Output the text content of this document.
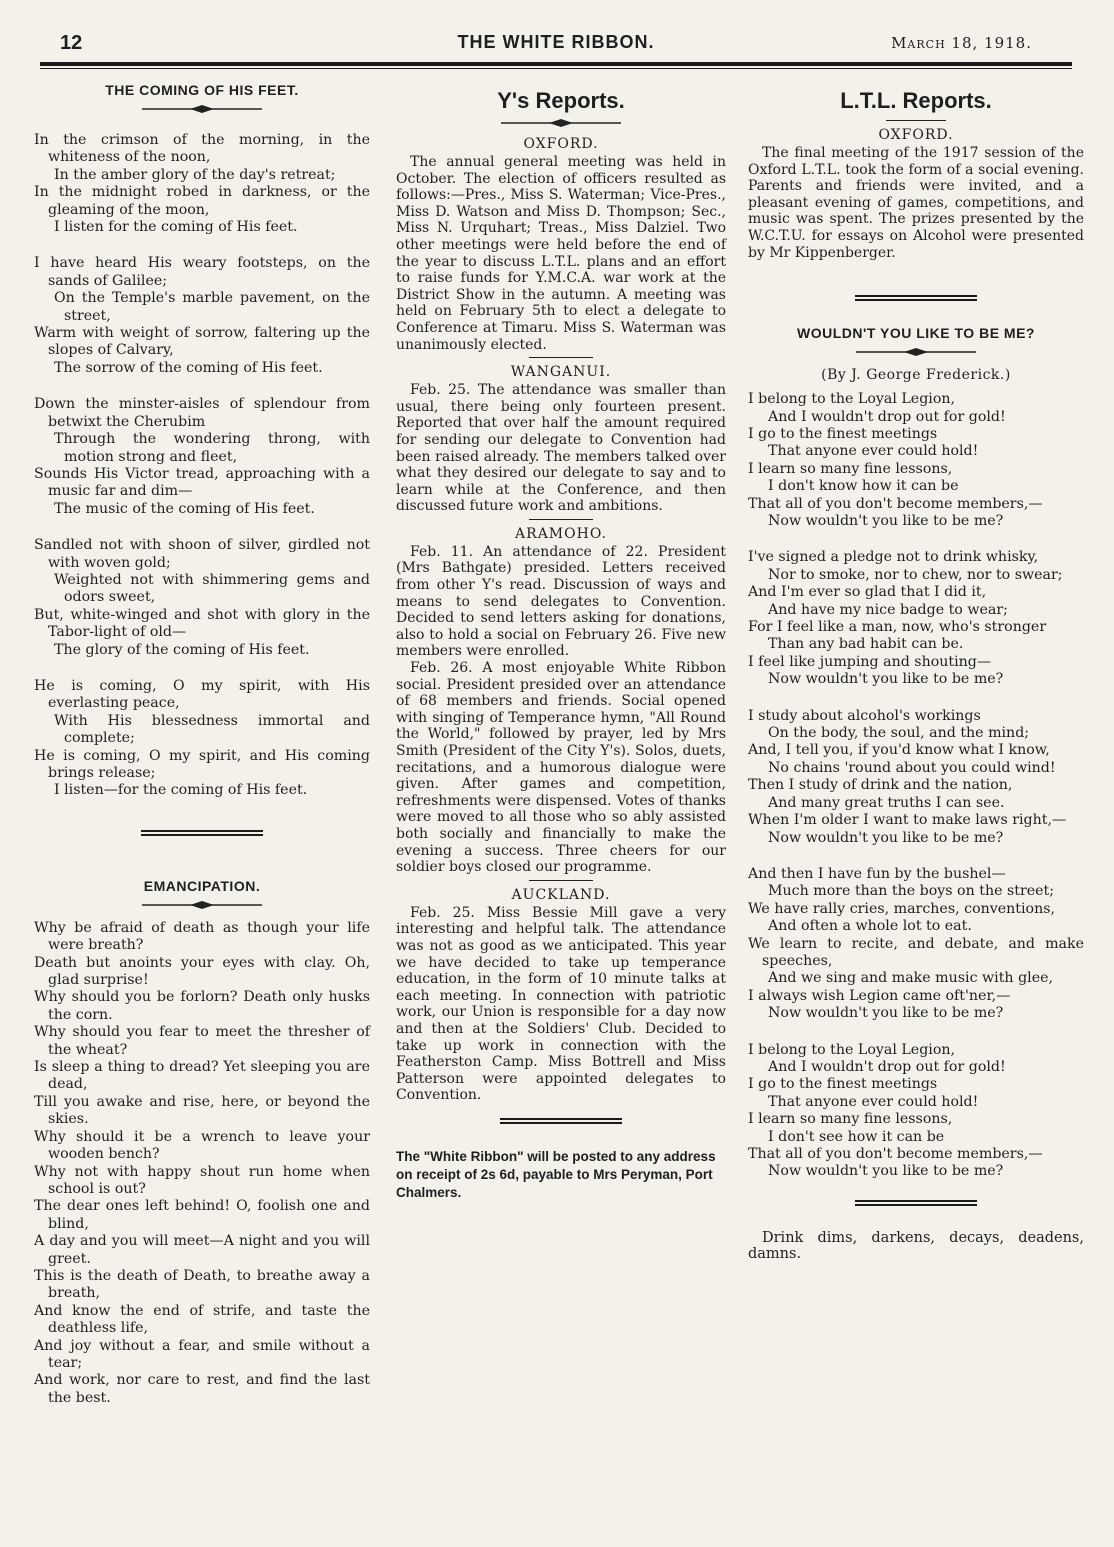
12	THE WHITE RIBBON.	March 18, 1918.
THE COMING OF HIS FEET.
In the crimson of the morning, in the whiteness of the noon,
In the amber glory of the day's retreat;
In the midnight robed in darkness, or the gleaming of the moon,
I listen for the coming of His feet.
I have heard His weary footsteps, on the sands of Galilee;
On the Temple's marble pavement, on the street,
Warm with weight of sorrow, faltering up the slopes of Calvary,
The sorrow of the coming of His feet.
Down the minster-aisles of splendour from betwixt the Cherubim
Through the wondering throng, with motion strong and fleet,
Sounds His Victor tread, approaching with a music far and dim—
The music of the coming of His feet.
Sandled not with shoon of silver, girdled not with woven gold;
Weighted not with shimmering gems and odors sweet,
But, white-winged and shot with glory in the Tabor-light of old—
The glory of the coming of His feet.
He is coming, O my spirit, with His everlasting peace,
With His blessedness immortal and complete;
He is coming, O my spirit, and His coming brings release;
I listen—for the coming of His feet.
EMANCIPATION.
Why be afraid of death as though your life were breath?
Death but anoints your eyes with clay. Oh, glad surprise!
Why should you be forlorn? Death only husks the corn.
Why should you fear to meet the thresher of the wheat?
Is sleep a thing to dread? Yet sleeping you are dead,
Till you awake and rise, here, or beyond the skies.
Why should it be a wrench to leave your wooden bench?
Why not with happy shout run home when school is out?
The dear ones left behind! O, foolish one and blind,
A day and you will meet—A night and you will greet.
This is the death of Death, to breathe away a breath,
And know the end of strife, and taste the deathless life,
And joy without a fear, and smile without a tear;
And work, nor care to rest, and find the last the best.
Y's Reports.
OXFORD.

The annual general meeting was held in October. The election of officers resulted as follows:—Pres., Miss S. Waterman; Vice-Pres., Miss D. Watson and Miss D. Thompson; Sec., Miss N. Urquhart; Treas., Miss Dalziel. Two other meetings were held before the end of the year to discuss L.T.L. plans and an effort to raise funds for Y.M.C.A. war work at the District Show in the autumn. A meeting was held on February 5th to elect a delegate to Conference at Timaru. Miss S. Waterman was unanimously elected.

WANGANUI.

Feb. 25. The attendance was smaller than usual, there being only fourteen present. Reported that over half the amount required for sending our delegate to Convention had been raised already. The members talked over what they desired our delegate to say and to learn while at the Conference, and then discussed future work and ambitions.

ARAMOHO.

Feb. 11. An attendance of 22. President (Mrs Bathgate) presided. Letters received from other Y's read. Discussion of ways and means to send delegates to Convention. Decided to send letters asking for donations, also to hold a social on February 26. Five new members were enrolled.

Feb. 26. A most enjoyable White Ribbon social. President presided over an attendance of 68 members and friends. Social opened with singing of Temperance hymn, "All Round the World," followed by prayer, led by Mrs Smith (President of the City Y's). Solos, duets, recitations, and a humorous dialogue were given. After games and competition, refreshments were dispensed. Votes of thanks were moved to all those who so ably assisted both socially and financially to make the evening a success. Three cheers for our soldier boys closed our programme.

AUCKLAND.

Feb. 25. Miss Bessie Mill gave a very interesting and helpful talk. The attendance was not as good as we anticipated. This year we have decided to take up temperance education, in the form of 10 minute talks at each meeting. In connection with patriotic work, our Union is responsible for a day now and then at the Soldiers' Club. Decided to take up work in connection with the Featherston Camp. Miss Bottrell and Miss Patterson were appointed delegates to Convention.

The "White Ribbon" will be posted to any address on receipt of 2s 6d, payable to Mrs Peryman, Port Chalmers.
L.T.L. Reports.
OXFORD.

The final meeting of the 1917 session of the Oxford L.T.L. took the form of a social evening. Parents and friends were invited, and a pleasant evening of games, competitions, and music was spent. The prizes presented by the W.C.T.U. for essays on Alcohol were presented by Mr Kippenberger.

WOULDN'T YOU LIKE TO BE ME?
(By J. George Frederick.)
I belong to the Loyal Legion,
And I wouldn't drop out for gold!
I go to the finest meetings
That anyone ever could hold!
I learn so many fine lessons,
I don't know how it can be
That all of you don't become members,—
Now wouldn't you like to be me?
I've signed a pledge not to drink whisky,
Nor to smoke, nor to chew, nor to swear;
And I'm ever so glad that I did it,
And have my nice badge to wear;
For I feel like a man, now, who's stronger
Than any bad habit can be.
I feel like jumping and shouting—
Now wouldn't you like to be me?
I study about alcohol's workings
On the body, the soul, and the mind;
And, I tell you, if you'd know what I know,
No chains 'round about you could wind!
Then I study of drink and the nation,
And many great truths I can see.
When I'm older I want to make laws right,—
Now wouldn't you like to be me?
And then I have fun by the bushel—
Much more than the boys on the street;
We have rally cries, marches, conventions,
And often a whole lot to eat.
We learn to recite, and debate, and make speeches,
And we sing and make music with glee,
I always wish Legion came oft'ner,—
Now wouldn't you like to be me?
I belong to the Loyal Legion,
And I wouldn't drop out for gold!
I go to the finest meetings
That anyone ever could hold!
I learn so many fine lessons,
I don't see how it can be
That all of you don't become members,—
Now wouldn't you like to be me?

Drink dims, darkens, decays, deadens, damns.
